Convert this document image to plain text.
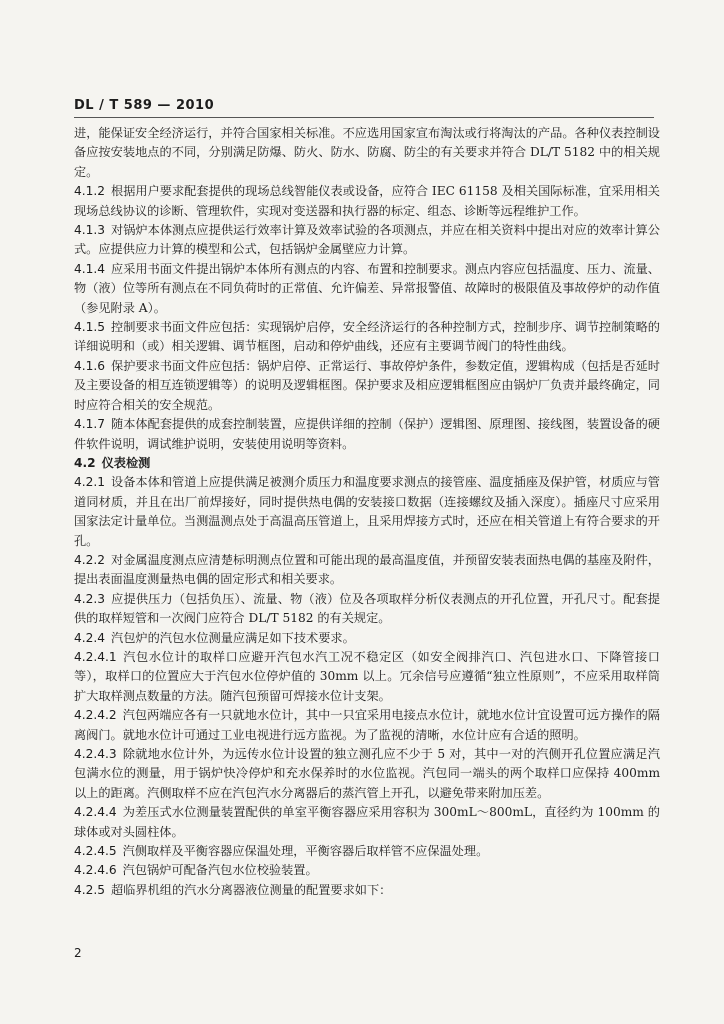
DL / T 589 — 2010

进，能保证安全经济运行，并符合国家相关标准。不应选用国家宣布淘汰或行将淘汰的产品。各种仪表控制设备应按安装地点的不同，分别满足防爆、防火、防水、防腐、防尘的有关要求并符合 DL/T 5182 中的相关规定。

4.1.2 根据用户要求配套提供的现场总线智能仪表或设备，应符合 IEC 61158 及相关国际标准，宜采用相关现场总线协议的诊断、管理软件，实现对变送器和执行器的标定、组态、诊断等远程维护工作。

4.1.3 对锅炉本体测点应提供运行效率计算及效率试验的各项测点，并应在相关资料中提出对应的效率计算公式。应提供应力计算的模型和公式，包括锅炉金属壁应力计算。

4.1.4 应采用书面文件提出锅炉本体所有测点的内容、布置和控制要求。测点内容应包括温度、压力、流量、物（液）位等所有测点在不同负荷时的正常值、允许偏差、异常报警值、故障时的极限值及事故停炉的动作值（参见附录 A）。

4.1.5 控制要求书面文件应包括：实现锅炉启停，安全经济运行的各种控制方式，控制步序、调节控制策略的详细说明和（或）相关逻辑、调节框图，启动和停炉曲线，还应有主要调节阀门的特性曲线。

4.1.6 保护要求书面文件应包括：锅炉启停、正常运行、事故停炉条件，参数定值，逻辑构成（包括是否延时及主要设备的相互连锁逻辑等）的说明及逻辑框图。保护要求及相应逻辑框图应由锅炉厂负责并最终确定，同时应符合相关的安全规范。

4.1.7 随本体配套提供的成套控制装置，应提供详细的控制（保护）逻辑图、原理图、接线图，装置设备的硬件软件说明，调试维护说明，安装使用说明等资料。

4.2 仪表检测

4.2.1 设备本体和管道上应提供满足被测介质压力和温度要求测点的接管座、温度插座及保护管，材质应与管道同材质，并且在出厂前焊接好，同时提供热电偶的安装接口数据（连接螺纹及插入深度）。插座尺寸应采用国家法定计量单位。当测温测点处于高温高压管道上，且采用焊接方式时，还应在相关管道上有符合要求的开孔。

4.2.2 对金属温度测点应清楚标明测点位置和可能出现的最高温度值，并预留安装表面热电偶的基座及附件，提出表面温度测量热电偶的固定形式和相关要求。

4.2.3 应提供压力（包括负压）、流量、物（液）位及各项取样分析仪表测点的开孔位置，开孔尺寸。配套提供的取样短管和一次阀门应符合 DL/T 5182 的有关规定。

4.2.4 汽包炉的汽包水位测量应满足如下技术要求。

4.2.4.1 汽包水位计的取样口应避开汽包水汽工况不稳定区（如安全阀排汽口、汽包进水口、下降管接口等），取样口的位置应大于汽包水位停炉值的 30mm 以上。冗余信号应遵循“独立性原则”，不应采用取样筒扩大取样测点数量的方法。随汽包预留可焊接水位计支架。

4.2.4.2 汽包两端应各有一只就地水位计，其中一只宜采用电接点水位计，就地水位计宜设置可远方操作的隔离阀门。就地水位计可通过工业电视进行远方监视。为了监视的清晰，水位计应有合适的照明。

4.2.4.3 除就地水位计外，为远传水位计设置的独立测孔应不少于 5 对，其中一对的汽侧开孔位置应满足汽包满水位的测量，用于锅炉快冷停炉和充水保养时的水位监视。汽包同一端头的两个取样口应保持 400mm 以上的距离。汽侧取样不应在汽包汽水分离器后的蒸汽管上开孔，以避免带来附加压差。

4.2.4.4 为差压式水位测量装置配供的单室平衡容器应采用容积为 300mL～800mL，直径约为 100mm 的球体或对头圆柱体。

4.2.4.5 汽侧取样及平衡容器应保温处理，平衡容器后取样管不应保温处理。

4.2.4.6 汽包锅炉可配备汽包水位校验装置。

4.2.5 超临界机组的汽水分离器液位测量的配置要求如下：

2
